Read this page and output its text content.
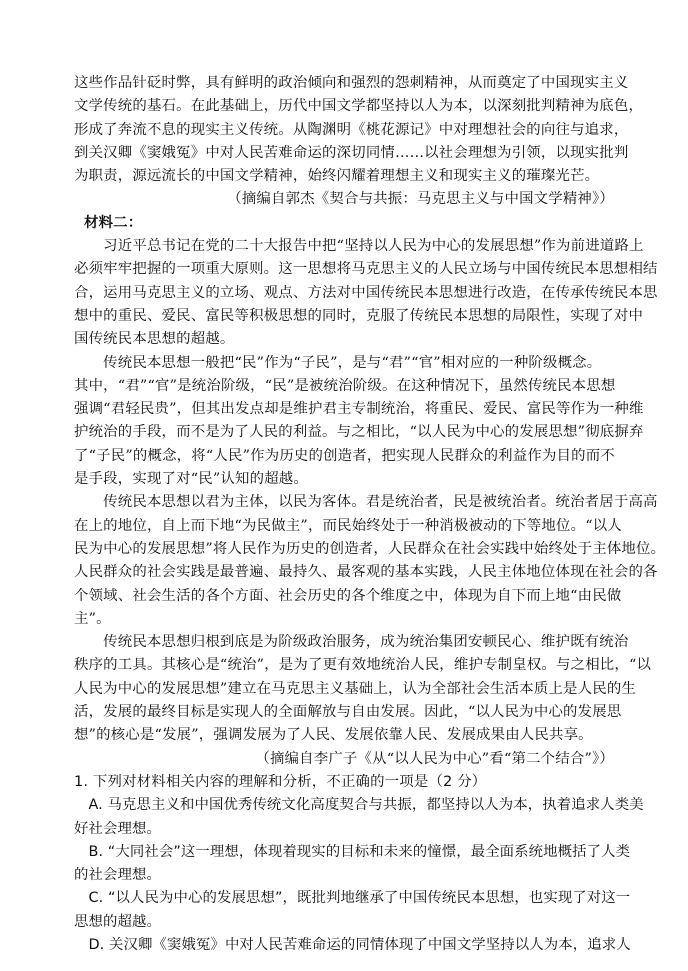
这些作品针砭时弊，具有鲜明的政治倾向和强烈的怨刺精神，从而奠定了中国现实主义
文学传统的基石。在此基础上，历代中国文学都坚持以人为本，以深刻批判精神为底色，
形成了奔流不息的现实主义传统。从陶渊明《桃花源记》中对理想社会的向往与追求，
到关汉卿《窦娥冤》中对人民苦难命运的深切同情……以社会理想为引领，以现实批判
为职责，源远流长的中国文学精神，始终闪耀着理想主义和现实主义的璀璨光芒。
（摘编自郭杰《契合与共振：马克思主义与中国文学精神》）
材料二：
　　习近平总书记在党的二十大报告中把“坚持以人民为中心的发展思想”作为前进道路上
必须牢牢把握的一项重大原则。这一思想将马克思主义的人民立场与中国传统民本思想相结
合，运用马克思主义的立场、观点、方法对中国传统民本思想进行改造，在传承传统民本思
想中的重民、爱民、富民等积极思想的同时，克服了传统民本思想的局限性，实现了对中
国传统民本思想的超越。
　　传统民本思想一般把“民”作为“子民”，是与“君”“官”相对应的一种阶级概念。
其中，“君”“官”是统治阶级，“民”是被统治阶级。在这种情况下，虽然传统民本思想
强调“君轻民贵”，但其出发点却是维护君主专制统治，将重民、爱民、富民等作为一种维
护统治的手段，而不是为了人民的利益。与之相比，“以人民为中心的发展思想”彻底摒弃
了“子民”的概念，将“人民”作为历史的创造者，把实现人民群众的利益作为目的而不
是手段，实现了对“民”认知的超越。
　　传统民本思想以君为主体，以民为客体。君是统治者，民是被统治者。统治者居于高高
在上的地位，自上而下地“为民做主”，而民始终处于一种消极被动的下等地位。“以人
民为中心的发展思想”将人民作为历史的创造者，人民群众在社会实践中始终处于主体地位。
人民群众的社会实践是最普遍、最持久、最客观的基本实践，人民主体地位体现在社会的各
个领域、社会生活的各个方面、社会历史的各个维度之中，体现为自下而上地“由民做
主”。
　　传统民本思想归根到底是为阶级政治服务，成为统治集团安顿民心、维护既有统治
秩序的工具。其核心是“统治”，是为了更有效地统治人民，维护专制皇权。与之相比，“以
人民为中心的发展思想”建立在马克思主义基础上，认为全部社会生活本质上是人民的生
活，发展的最终目标是实现人的全面解放与自由发展。因此，“以人民为中心的发展思
想”的核心是“发展”，强调发展为了人民、发展依靠人民、发展成果由人民共享。
（摘编自李广子《从“以人民为中心”看“第二个结合”》）
1. 下列对材料相关内容的理解和分析，不正确的一项是（2 分）
　A. 马克思主义和中国优秀传统文化高度契合与共振，都坚持以人为本，执着追求人类美
好社会理想。
　B. “大同社会”这一理想，体现着现实的目标和未来的憧憬，最全面系统地概括了人类
的社会理想。
　C. “以人民为中心的发展思想”，既批判地继承了中国传统民本思想，也实现了对这一
思想的超越。
　D. 关汉卿《窦娥冤》中对人民苦难命运的同情体现了中国文学坚持以人为本，追求人
